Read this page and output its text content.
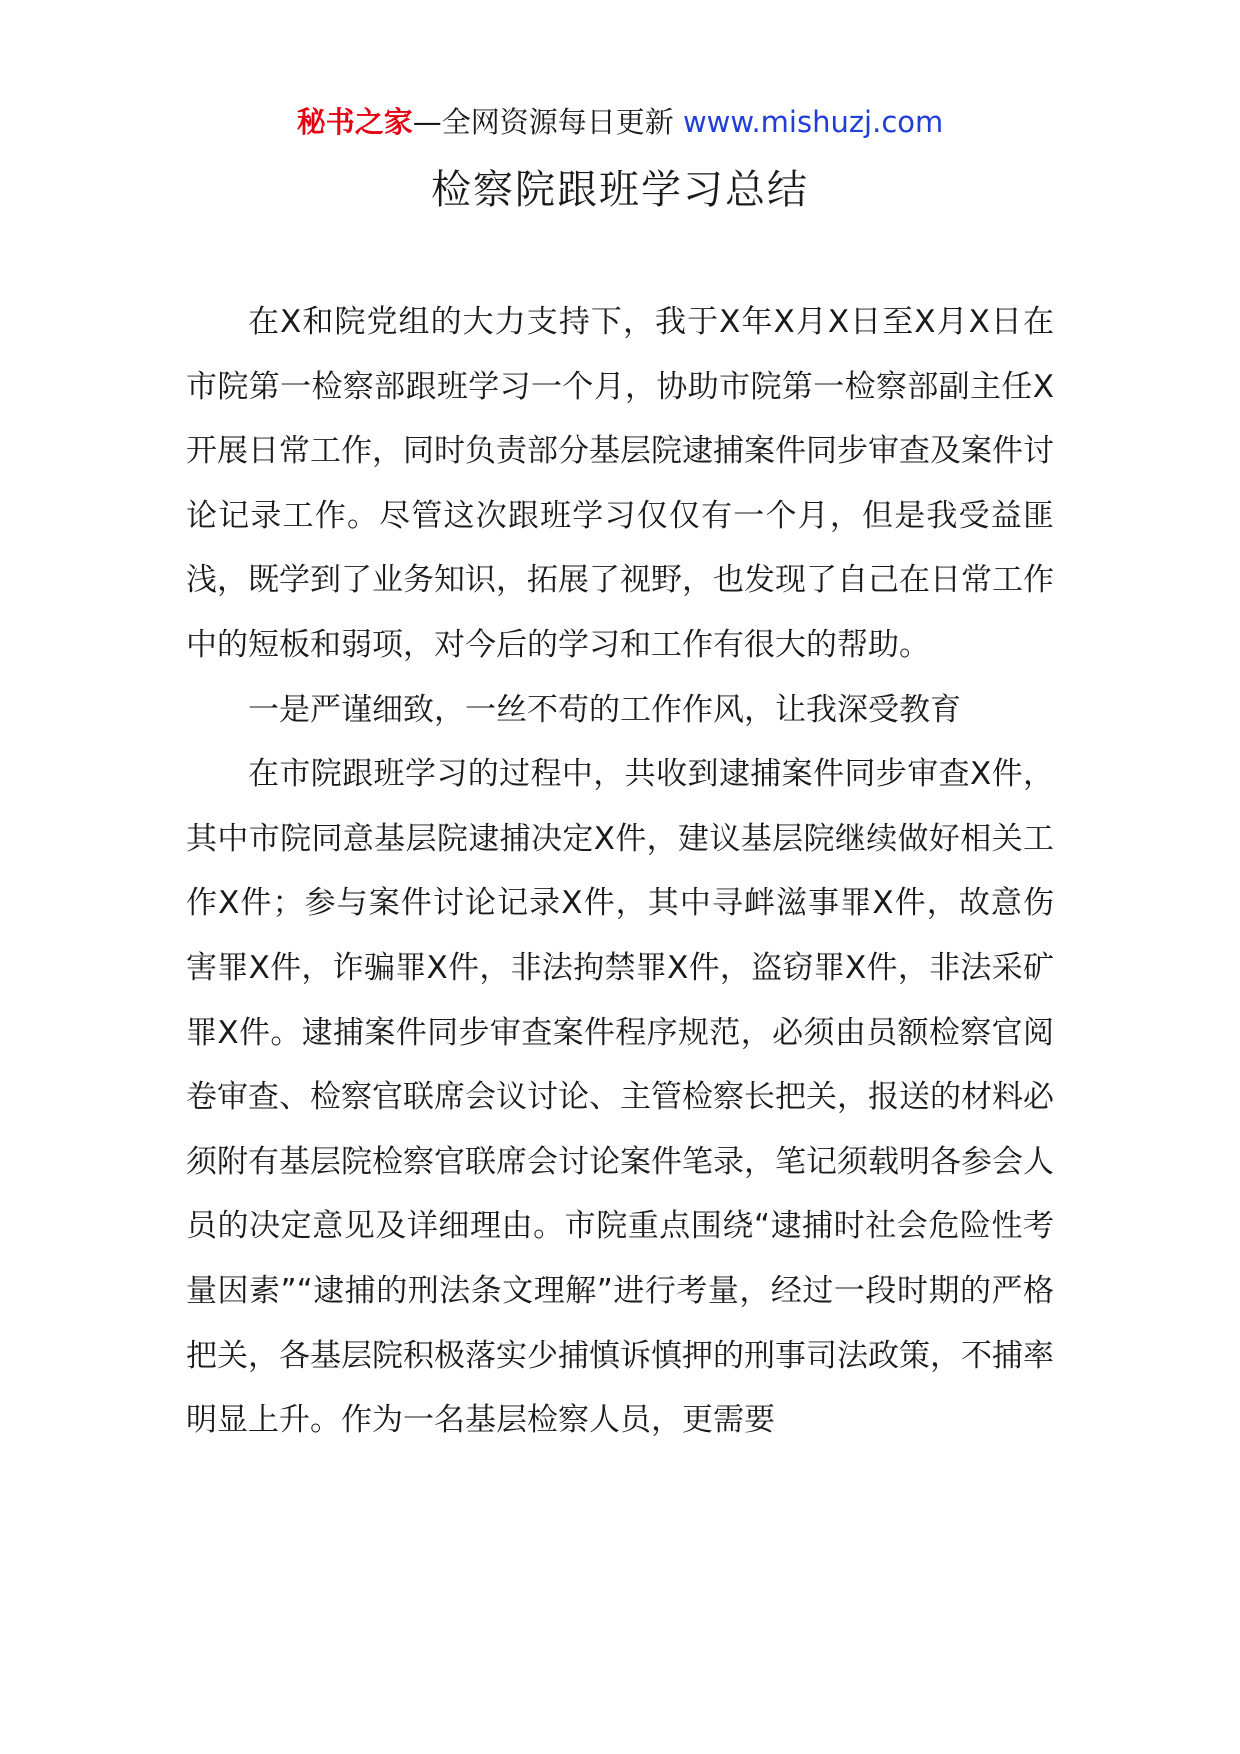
秘书之家—全网资源每日更新 www.mishuzj.com
检察院跟班学习总结

在X和院党组的大力支持下，我于X年X月X日至X月X日在市院第一检察部跟班学习一个月，协助市院第一检察部副主任X开展日常工作，同时负责部分基层院逮捕案件同步审查及案件讨论记录工作。尽管这次跟班学习仅仅有一个月，但是我受益匪浅，既学到了业务知识，拓展了视野，也发现了自己在日常工作中的短板和弱项，对今后的学习和工作有很大的帮助。

一是严谨细致，一丝不苟的工作作风，让我深受教育

在市院跟班学习的过程中，共收到逮捕案件同步审查X件，其中市院同意基层院逮捕决定X件，建议基层院继续做好相关工作X件；参与案件讨论记录X件，其中寻衅滋事罪X件，故意伤害罪X件，诈骗罪X件，非法拘禁罪X件，盗窃罪X件，非法采矿罪X件。逮捕案件同步审查案件程序规范，必须由员额检察官阅卷审查、检察官联席会议讨论、主管检察长把关，报送的材料必须附有基层院检察官联席会讨论案件笔录，笔记须载明各参会人员的决定意见及详细理由。市院重点围绕“逮捕时社会危险性考量因素”“逮捕的刑法条文理解”进行考量，经过一段时期的严格把关，各基层院积极落实少捕慎诉慎押的刑事司法政策，不捕率明显上升。作为一名基层检察人员，更需要
